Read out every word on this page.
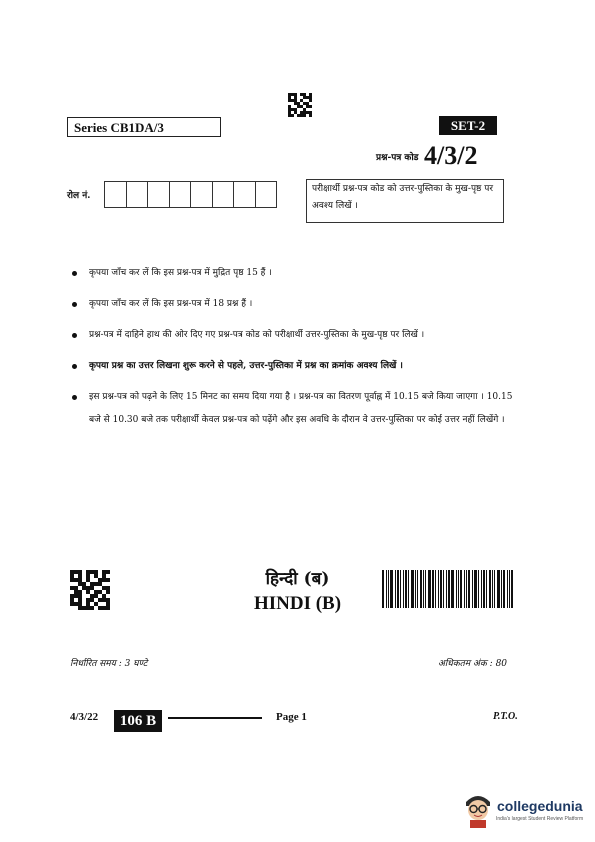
Series CB1DA/3	SET-2
प्रश्न-पत्र कोड 4/3/2
रोल नं.
परीक्षार्थी प्रश्न-पत्र कोड को उत्तर-पुस्तिका के मुख-पृष्ठ पर अवश्य लिखें ।
कृपया जाँच कर लें कि इस प्रश्न-पत्र में मुद्रित पृष्ठ 15 हैं ।
कृपया जाँच कर लें कि इस प्रश्न-पत्र में 18 प्रश्न हैं ।
प्रश्न-पत्र में दाहिने हाथ की ओर दिए गए प्रश्न-पत्र कोड को परीक्षार्थी उत्तर-पुस्तिका के मुख-पृष्ठ पर लिखें ।
कृपया प्रश्न का उत्तर लिखना शुरू करने से पहले, उत्तर-पुस्तिका में प्रश्न का क्रमांक अवश्य लिखें ।
इस प्रश्न-पत्र को पढ़ने के लिए 15 मिनट का समय दिया गया है । प्रश्न-पत्र का वितरण पूर्वाह्न में 10.15 बजे किया जाएगा । 10.15 बजे से 10.30 बजे तक परीक्षार्थी केवल प्रश्न-पत्र को पढ़ेंगे और इस अवधि के दौरान वे उत्तर-पुस्तिका पर कोई उत्तर नहीं लिखेंगे ।
हिन्दी (ब)
HINDI (B)
निर्धारित समय : 3 घण्टे	अधिकतम अंक : 80
4/3/22	106 B	Page 1	P.T.O.
collegedunia
India's largest Student Review Platform
